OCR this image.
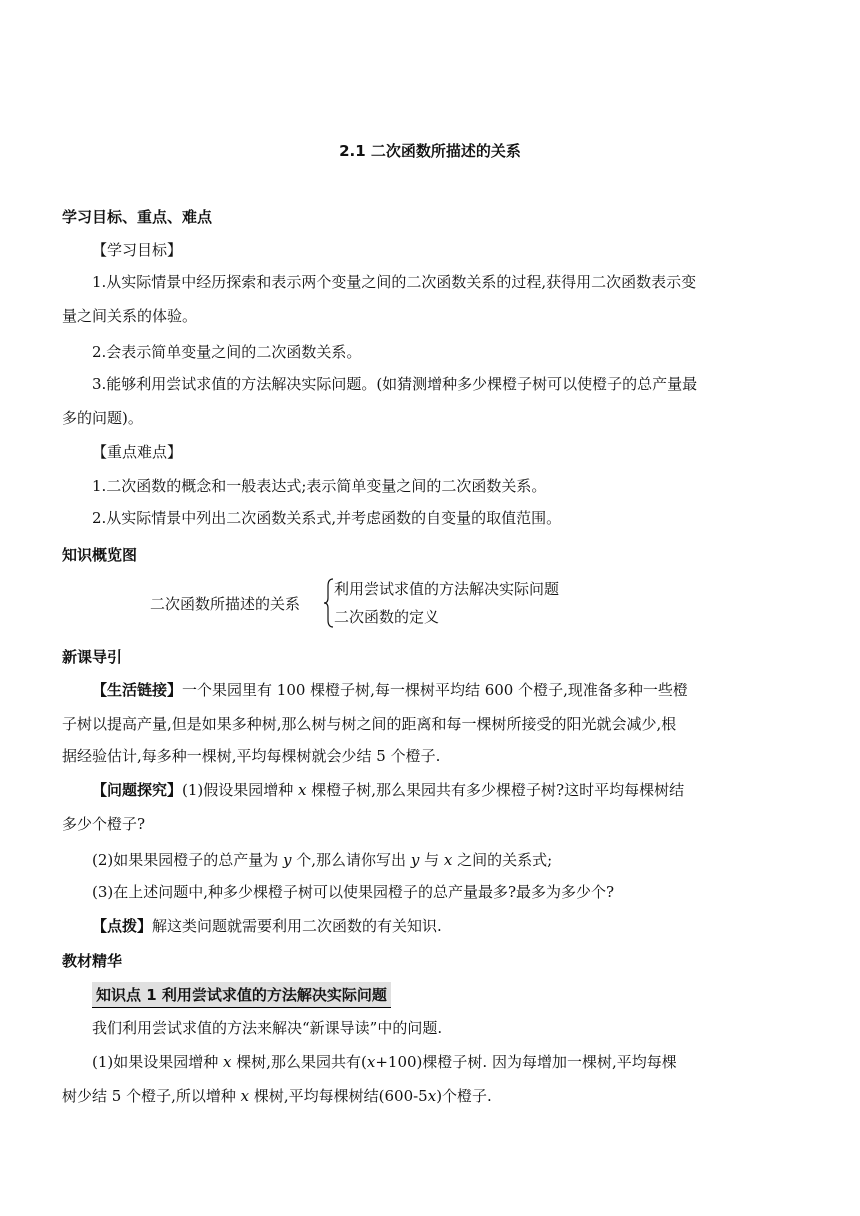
2.1 二次函数所描述的关系
学习目标、重点、难点
【学习目标】
1.从实际情景中经历探索和表示两个变量之间的二次函数关系的过程,获得用二次函数表示变
量之间关系的体验。
2.会表示简单变量之间的二次函数关系。
3.能够利用尝试求值的方法解决实际问题。(如猜测增种多少棵橙子树可以使橙子的总产量最
多的问题)。
【重点难点】
1.二次函数的概念和一般表达式;表示简单变量之间的二次函数关系。
2.从实际情景中列出二次函数关系式,并考虑函数的自变量的取值范围。
知识概览图
二次函数所描述的关系
利用尝试求值的方法解决实际问题
二次函数的定义
新课导引
【生活链接】一个果园里有 100 棵橙子树,每一棵树平均结 600 个橙子,现准备多种一些橙
子树以提高产量,但是如果多种树,那么树与树之间的距离和每一棵树所接受的阳光就会减少,根
据经验估计,每多种一棵树,平均每棵树就会少结 5 个橙子.
【问题探究】(1)假设果园增种 x 棵橙子树,那么果园共有多少棵橙子树?这时平均每棵树结
多少个橙子?
(2)如果果园橙子的总产量为 y 个,那么请你写出 y 与 x 之间的关系式;
(3)在上述问题中,种多少棵橙子树可以使果园橙子的总产量最多?最多为多少个?
【点拨】解这类问题就需要利用二次函数的有关知识.
教材精华
知识点 1 利用尝试求值的方法解决实际问题
我们利用尝试求值的方法来解决“新课导读”中的问题.
(1)如果设果园增种 x 棵树,那么果园共有(x+100)棵橙子树. 因为每增加一棵树,平均每棵
树少结 5 个橙子,所以增种 x 棵树,平均每棵树结(600-5x)个橙子.
